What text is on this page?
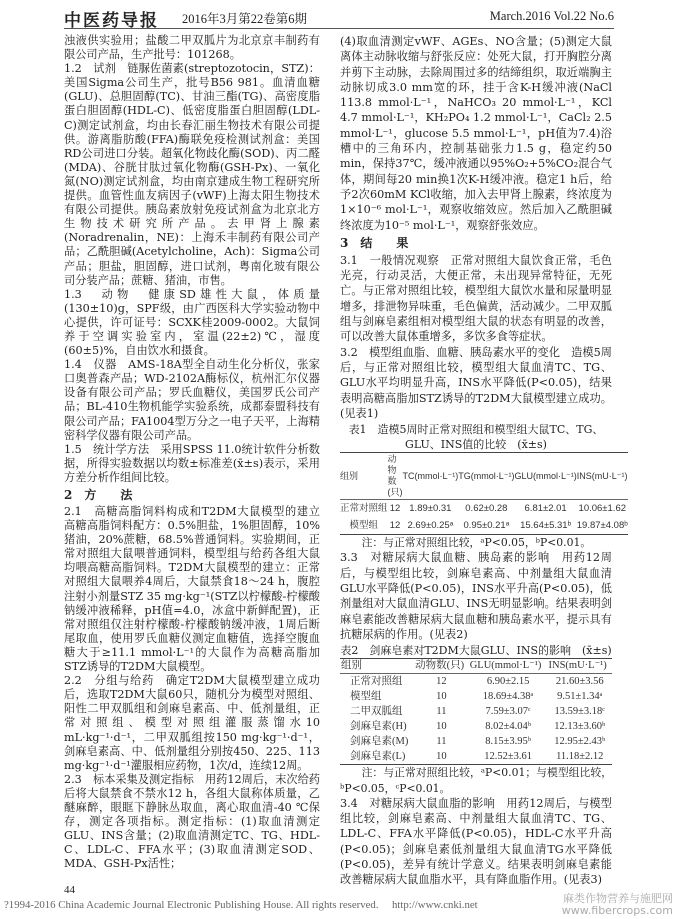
中医药导报 2016年3月第22卷第6期	March.2016 Vol.22 No.6

浊液供实验用；盐酸二甲双胍片为北京京丰制药有限公司产品，生产批号：101268。

1.2　试剂　链脲佐菌素(streptozotocin，STZ)：美国Sigma公司生产，批号B56 981。血清血糖(GLU)、总胆固醇(TC)、甘油三酯(TG)、高密度脂蛋白胆固醇(HDL-C)、低密度脂蛋白胆固醇(LDL-C)测定试剂盒，均由长春汇丽生物技术有限公司提供。游离脂肪酸(FFA)酶联免疫检测试剂盒：美国RD公司进口分装。超氧化物歧化酶(SOD)、丙二醛(MDA)、谷胱甘肽过氧化物酶(GSH-Px)、一氧化氮(NO)测定试剂盒，均由南京建成生物工程研究所提供。血管性血友病因子(vWF)上海太阳生物技术有限公司提供。胰岛素放射免疫试剂盒为北京北方生物技术研究所产品。去甲肾上腺素(Noradrenalin，NE)：上海禾丰制药有限公司产品；乙酰胆碱(Acetylcholine，Ach)：Sigma公司产品；胆盐，胆固醇，进口试剂，粤南化玻有限公司分装产品；蔗糖、猪油，市售。

1.3　动物　健康SD雄性大鼠，体质量(130±10)g，SPF级，由广西医科大学实验动物中心提供，许可证号：SCXK桂2009-0002。大鼠饲养于空调实验室内，室温(22±2)℃，湿度(60±5)%，自由饮水和摄食。

1.4　仪器　AMS-18A型全自动生化分析仪，张家口奥普森产品；WD-2102A酶标仪，杭州汇尔仪器设备有限公司产品；罗氏血糖仪，美国罗氏公司产品；BL-410生物机能学实验系统，成都泰盟科技有限公司产品；FA1004型万分之一电子天平，上海精密科学仪器有限公司产品。

1.5　统计学方法　采用SPSS 11.0统计软件分析数据，所得实验数据以均数±标准差(x̄±s)表示，采用方差分析作组间比较。

2　方　　法

2.1　高糖高脂饲料构成和T2DM大鼠模型的建立　高糖高脂饲料配方：0.5%胆盐，1%胆固醇，10%猪油，20%蔗糖，68.5%普通饲料。实验期间，正常对照组大鼠喂普通饲料，模型组与给药各组大鼠均喂高糖高脂饲料。T2DM大鼠模型的建立：正常对照组大鼠喂养4周后，大鼠禁食18～24 h，腹腔注射小剂量STZ 35 mg·kg⁻¹(STZ以柠檬酸-柠檬酸钠缓冲液稀释，pH值=4.0，冰盒中新鲜配置)，正常对照组仅注射柠檬酸-柠檬酸钠缓冲液，1周后断尾取血，使用罗氏血糖仪测定血糖值，选择空腹血糖大于≥11.1 mmol·L⁻¹的大鼠作为高糖高脂加STZ诱导的T2DM大鼠模型。

2.2　分组与给药　确定T2DM大鼠模型建立成功后，选取T2DM大鼠60只，随机分为模型对照组、阳性二甲双胍组和剑麻皂素高、中、低剂量组，正常对照组、模型对照组灌服蒸馏水10 mL·kg⁻¹·d⁻¹，二甲双胍组按150 mg·kg⁻¹·d⁻¹，剑麻皂素高、中、低剂量组分别按450、225、113 mg·kg⁻¹·d⁻¹灌服相应药物，1次/d，连续12周。

2.3　标本采集及测定指标　用药12周后，末次给药后将大鼠禁食不禁水12 h，各组大鼠称体质量，乙醚麻醉，眼眶下静脉丛取血，离心取血清-40 ℃保存，测定各项指标。测定指标：(1)取血清测定GLU、INS含量；(2)取血清测定TC、TG、HDL-C、LDL-C、FFA水平；(3)取血清测定SOD、MDA、GSH-Px活性；

(4)取血清测定vWF、AGEs、NO含量；(5)测定大鼠离体主动脉收缩与舒张反应：处死大鼠，打开胸腔分离并剪下主动脉，去除周围过多的结缔组织，取近端胸主动脉切成3.0 mm宽的环，挂于含K-H缓冲液(NaCl 113.8 mmol·L⁻¹，NaHCO₃ 20 mmol·L⁻¹，KCl 4.7 mmol·L⁻¹，KH₂PO₄ 1.2 mmol·L⁻¹，CaCl₂ 2.5 mmol·L⁻¹，glucose 5.5 mmol·L⁻¹，pH值为7.4)浴槽中的三角环内，控制基础张力1.5 g，稳定约50 min，保持37℃，缓冲液通以95%O₂+5%CO₂混合气体，期间每20 min换1次K-H缓冲液。稳定1 h后，给予2次60mM KCl收缩，加入去甲肾上腺素，终浓度为1×10⁻⁶ mol·L⁻¹，观察收缩效应。然后加入乙酰胆碱终浓度为10⁻⁵ mol·L⁻¹，观察舒张效应。

3　结　　果

3.1　一般情况观察　正常对照组大鼠饮食正常，毛色光亮，行动灵活，大便正常，未出现异常特征，无死亡。与正常对照组比较，模型组大鼠饮水量和尿量明显增多，排泄物异味重，毛色偏黄，活动减少。二甲双胍组与剑麻皂素组相对模型组大鼠的状态有明显的改善，可以改善大鼠体重增多，多饮多食等症状。

3.2　模型组血脂、血糖、胰岛素水平的变化　造模5周后，与正常对照组比较，模型组大鼠血清TC、TG、GLU水平均明显升高，INS水平降低(P<0.05)，结果表明高糖高脂加STZ诱导的T2DM大鼠模型建立成功。(见表1)

表1　造模5周时正常对照组和模型组大鼠TC、TG、GLU、INS值的比较　(x̄±s)
组别	动物数(只)	TC(mmol·L⁻¹)	TG(mmol·L⁻¹)	GLU(mmol·L⁻¹)	INS(mU·L⁻¹)
正常对照组	12	1.89±0.31	0.62±0.28	6.81±2.01	10.06±1.62
模型组	12	2.69±0.25ᵃ	0.95±0.21ᵃ	15.64±5.31ᵇ	19.87±4.08ᵇ

注：与正常对照组比较，ᵃP<0.05，ᵇP<0.01。

3.3　对糖尿病大鼠血糖、胰岛素的影响　用药12周后，与模型组比较，剑麻皂素高、中剂量组大鼠血清GLU水平降低(P<0.05)，INS水平升高(P<0.05)，低剂量组对大鼠血清GLU、INS无明显影响。结果表明剑麻皂素能改善糖尿病大鼠血糖和胰岛素水平，提示具有抗糖尿病的作用。(见表2)

表2　剑麻皂素对T2DM大鼠GLU、INS的影响　(x̄±s)
组别	动物数(只)	GLU(mmol·L⁻¹)	INS(mU·L⁻¹)
正常对照组	12	6.90±2.15	21.60±3.56
模型组	10	18.69±4.38ᵃ	9.51±1.34ᵃ
二甲双胍组	11	7.59±3.07ᶜ	13.59±3.18ᶜ
剑麻皂素(H)	10	8.02±4.04ᵇ	12.13±3.60ᵇ
剑麻皂素(M)	11	8.15±3.95ᵇ	12.95±2.43ᵇ
剑麻皂素(L)	10	12.52±3.61	11.18±2.12

注：与正常对照组比较，ᵃP<0.01；与模型组比较，ᵇP<0.05，ᶜP<0.01。

3.4　对糖尿病大鼠血脂的影响　用药12周后，与模型组比较，剑麻皂素高、中剂量组大鼠血清TC、TG、LDL-C、FFA水平降低(P<0.05)，HDL-C水平升高(P<0.05)；剑麻皂素低剂量组大鼠血清TG水平降低(P<0.05)，差异有统计学意义。结果表明剑麻皂素能改善糖尿病大鼠血脂水平，具有降血脂作用。(见表3)

44
?1994-2016 China Academic Journal Electronic Publishing House. All rights reserved.　 http://www.cnki.net	麻类作物营养与施肥网
www.fibercrops.com
